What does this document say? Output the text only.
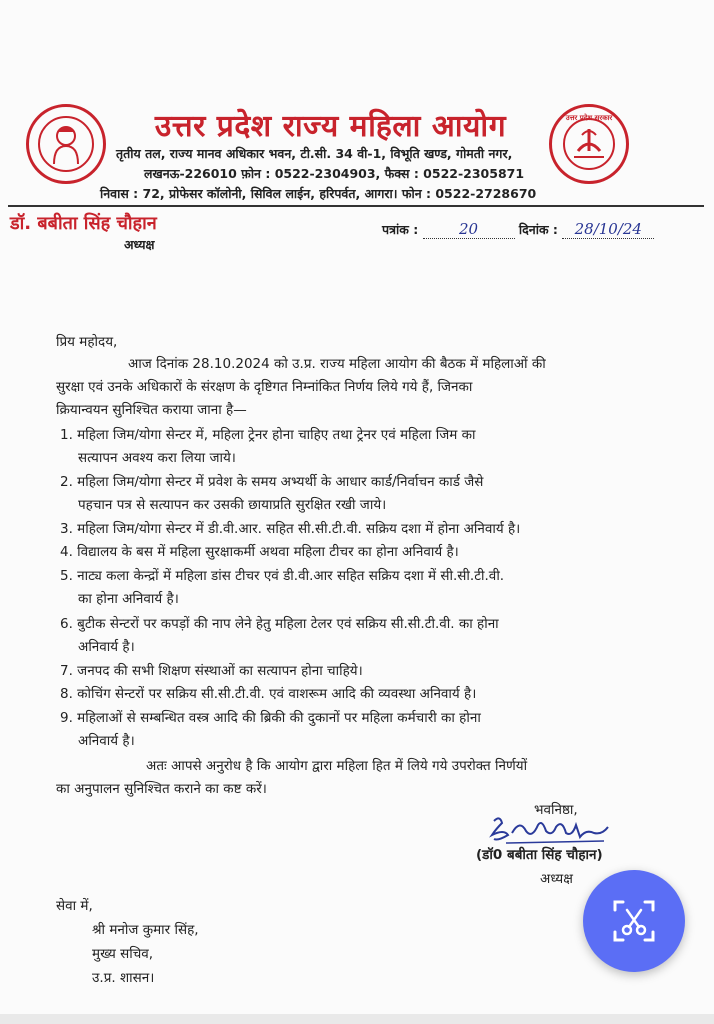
उत्तर प्रदेश राज्य महिला आयोग
तृतीय तल, राज्य मानव अधिकार भवन, टी.सी. 34 वी-1, विभूति खण्ड, गोमती नगर,
लखनऊ-226010 फ़ोन : 0522-2304903, फैक्स : 0522-2305871
निवास : 72, प्रोफेसर कॉलोनी, सिविल लाईन, हरिपर्वत, आगरा। फोन : 0522-2728670
उत्तर प्रदेश सरकार
डॉ. बबीता सिंह चौहान
अध्यक्ष
पत्रांक :	20	दिनांक : 28/10/24
प्रिय महोदय,
आज दिनांक 28.10.2024 को उ.प्र. राज्य महिला आयोग की बैठक में महिलाओं की
सुरक्षा एवं उनके अधिकारों के संरक्षण के दृष्टिगत निम्नांकित निर्णय लिये गये हैं, जिनका
क्रियान्वयन सुनिश्चित कराया जाना है—
1. महिला जिम/योगा सेन्टर में, महिला ट्रेनर होना चाहिए तथा ट्रेनर एवं महिला जिम का
सत्यापन अवश्य करा लिया जाये।
2. महिला जिम/योगा सेन्टर में प्रवेश के समय अभ्यर्थी के आधार कार्ड/निर्वाचन कार्ड जैसे
पहचान पत्र से सत्यापन कर उसकी छायाप्रति सुरक्षित रखी जाये।
3. महिला जिम/योगा सेन्टर में डी.वी.आर. सहित सी.सी.टी.वी. सक्रिय दशा में होना अनिवार्य है।
4. विद्यालय के बस में महिला सुरक्षाकर्मी अथवा महिला टीचर का होना अनिवार्य है।
5. नाट्य कला केन्द्रों में महिला डांस टीचर एवं डी.वी.आर सहित सक्रिय दशा में सी.सी.टी.वी.
का होना अनिवार्य है।
6. बुटीक सेन्टरों पर कपड़ों की नाप लेने हेतु महिला टेलर एवं सक्रिय सी.सी.टी.वी. का होना
अनिवार्य है।
7. जनपद की सभी शिक्षण संस्थाओं का सत्यापन होना चाहिये।
8. कोचिंग सेन्टरों पर सक्रिय सी.सी.टी.वी. एवं वाशरूम आदि की व्यवस्था अनिवार्य है।
9. महिलाओं से सम्बन्धित वस्त्र आदि की ब्रिकी की दुकानों पर महिला कर्मचारी का होना
अनिवार्य है।
अतः आपसे अनुरोध है कि आयोग द्वारा महिला हित में लिये गये उपरोक्त निर्णयों
का अनुपालन सुनिश्चित कराने का कष्ट करें।
भवनिष्ठा,
(डॉ0 बबीता सिंह चौहान)
अध्यक्ष
सेवा में,
श्री मनोज कुमार सिंह,
मुख्य सचिव,
उ.प्र. शासन।
